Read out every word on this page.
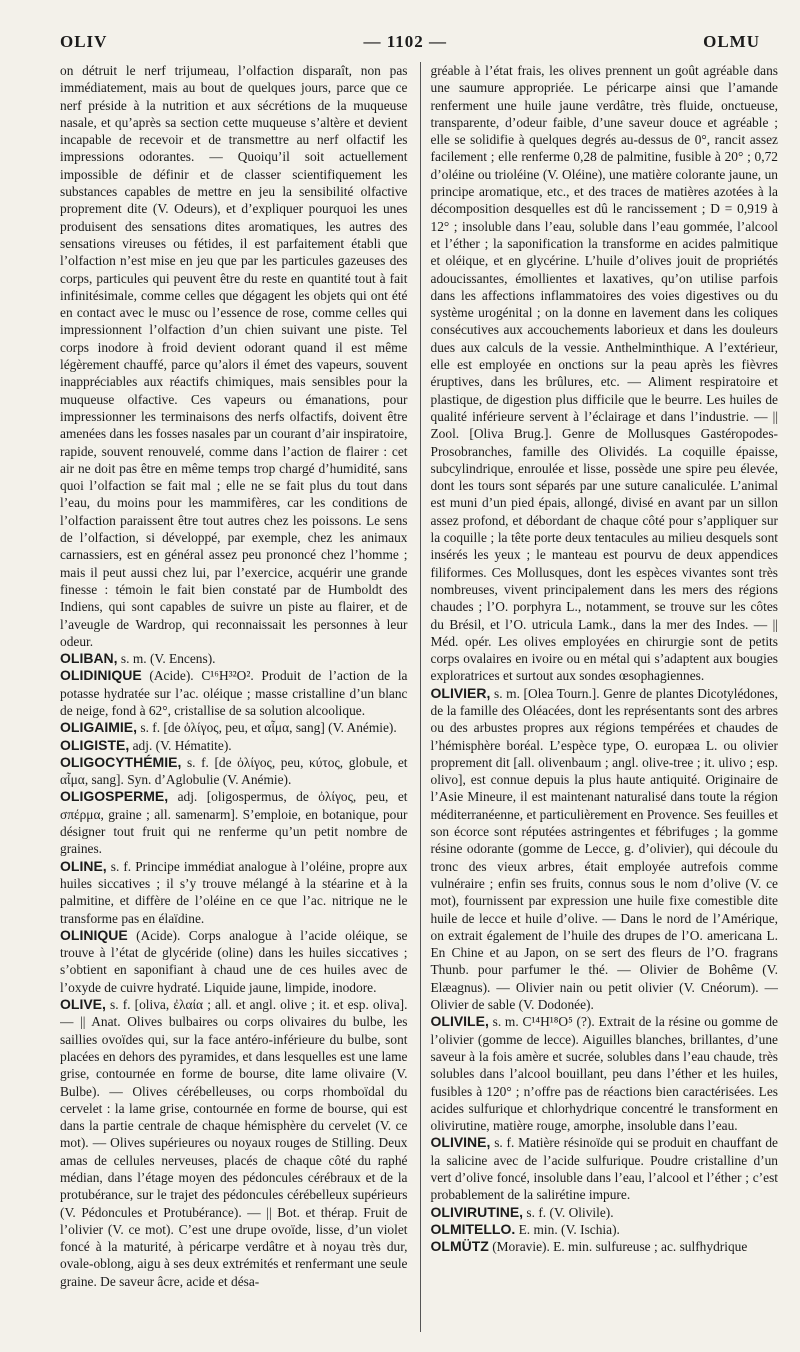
OLIV	— 1102 —	OLMU

on détruit le nerf trijumeau, l’olfaction disparaît, non pas immédiatement, mais au bout de quelques jours, parce que ce nerf préside à la nutrition et aux sécrétions de la muqueuse nasale, et qu’après sa section cette muqueuse s’altère et devient incapable de recevoir et de transmettre au nerf olfactif les impressions odorantes. — Quoiqu’il soit actuellement impossible de définir et de classer scientifiquement les substances capables de mettre en jeu la sensibilité olfactive proprement dite (V. Odeurs), et d’expliquer pourquoi les unes produisent des sensations dites aromatiques, les autres des sensations vireuses ou fétides, il est parfaitement établi que l’olfaction n’est mise en jeu que par les particules gazeuses des corps, particules qui peuvent être du reste en quantité tout à fait infinitésimale, comme celles que dégagent les objets qui ont été en contact avec le musc ou l’essence de rose, comme celles qui impressionnent l’olfaction d’un chien suivant une piste. Tel corps inodore à froid devient odorant quand il est même légèrement chauffé, parce qu’alors il émet des vapeurs, souvent inappréciables aux réactifs chimiques, mais sensibles pour la muqueuse olfactive. Ces vapeurs ou émanations, pour impressionner les terminaisons des nerfs olfactifs, doivent être amenées dans les fosses nasales par un courant d’air inspiratoire, rapide, souvent renouvelé, comme dans l’action de flairer : cet air ne doit pas être en même temps trop chargé d’humidité, sans quoi l’olfaction se fait mal ; elle ne se fait plus du tout dans l’eau, du moins pour les mammifères, car les conditions de l’olfaction paraissent être tout autres chez les poissons. Le sens de l’olfaction, si développé, par exemple, chez les animaux carnassiers, est en général assez peu prononcé chez l’homme ; mais il peut aussi chez lui, par l’exercice, acquérir une grande finesse : témoin le fait bien constaté par de Humboldt des Indiens, qui sont capables de suivre un piste au flairer, et de l’aveugle de Wardrop, qui reconnaissait les personnes à leur odeur.

OLIBAN, s. m. (V. Encens).

OLIDINIQUE (Acide). C¹⁶H³²O². Produit de l’action de la potasse hydratée sur l’ac. oléique ; masse cristalline d’un blanc de neige, fond à 62°, cristallise de sa solution alcoolique.

OLIGAIMIE, s. f. [de ὀλίγος, peu, et αἷμα, sang] (V. Anémie).

OLIGISTE, adj. (V. Hématite).

OLIGOCYTHÉMIE, s. f. [de ὀλίγος, peu, κύτος, globule, et αἷμα, sang]. Syn. d’Aglobulie (V. Anémie).

OLIGOSPERME, adj. [oligospermus, de ὀλίγος, peu, et σπέρμα, graine ; all. samenarm]. S’emploie, en botanique, pour désigner tout fruit qui ne renferme qu’un petit nombre de graines.

OLINE, s. f. Principe immédiat analogue à l’oléine, propre aux huiles siccatives ; il s’y trouve mélangé à la stéarine et à la palmitine, et diffère de l’oléine en ce que l’ac. nitrique ne le transforme pas en élaïdine.

OLINIQUE (Acide). Corps analogue à l’acide oléique, se trouve à l’état de glycéride (oline) dans les huiles siccatives ; s’obtient en saponifiant à chaud une de ces huiles avec de l’oxyde de cuivre hydraté. Liquide jaune, limpide, inodore.

OLIVE, s. f. [oliva, ἐλαία ; all. et angl. olive ; it. et esp. oliva]. — || Anat. Olives bulbaires ou corps olivaires du bulbe, les saillies ovoïdes qui, sur la face antéro-inférieure du bulbe, sont placées en dehors des pyramides, et dans lesquelles est une lame grise, contournée en forme de bourse, dite lame olivaire (V. Bulbe). — Olives cérébelleuses, ou corps rhomboïdal du cervelet : la lame grise, contournée en forme de bourse, qui est dans la partie centrale de chaque hémisphère du cervelet (V. ce mot). — Olives supérieures ou noyaux rouges de Stilling. Deux amas de cellules nerveuses, placés de chaque côté du raphé médian, dans l’étage moyen des pédoncules cérébraux et de la protubérance, sur le trajet des pédoncules cérébelleux supérieurs (V. Pédoncules et Protubérance). — || Bot. et thérap. Fruit de l’olivier (V. ce mot). C’est une drupe ovoïde, lisse, d’un violet foncé à la maturité, à péricarpe verdâtre et à noyau très dur, ovale-oblong, aigu à ses deux extrémités et renfermant une seule graine. De saveur âcre, acide et désa-

gréable à l’état frais, les olives prennent un goût agréable dans une saumure appropriée. Le péricarpe ainsi que l’amande renferment une huile jaune verdâtre, très fluide, onctueuse, transparente, d’odeur faible, d’une saveur douce et agréable ; elle se solidifie à quelques degrés au-dessus de 0°, rancit assez facilement ; elle renferme 0,28 de palmitine, fusible à 20° ; 0,72 d’oléine ou trioléine (V. Oléine), une matière colorante jaune, un principe aromatique, etc., et des traces de matières azotées à la décomposition desquelles est dû le rancissement ; D = 0,919 à 12° ; insoluble dans l’eau, soluble dans l’eau gommée, l’alcool et l’éther ; la saponification la transforme en acides palmitique et oléique, et en glycérine. L’huile d’olives jouit de propriétés adoucissantes, émollientes et laxatives, qu’on utilise parfois dans les affections inflammatoires des voies digestives ou du système urogénital ; on la donne en lavement dans les coliques consécutives aux accouchements laborieux et dans les douleurs dues aux calculs de la vessie. Anthelminthique. A l’extérieur, elle est employée en onctions sur la peau après les fièvres éruptives, dans les brûlures, etc. — Aliment respiratoire et plastique, de digestion plus difficile que le beurre. Les huiles de qualité inférieure servent à l’éclairage et dans l’industrie. — || Zool. [Oliva Brug.]. Genre de Mollusques Gastéropodes-Prosobranches, famille des Olividés. La coquille épaisse, subcylindrique, enroulée et lisse, possède une spire peu élevée, dont les tours sont séparés par une suture canaliculée. L’animal est muni d’un pied épais, allongé, divisé en avant par un sillon assez profond, et débordant de chaque côté pour s’appliquer sur la coquille ; la tête porte deux tentacules au milieu desquels sont insérés les yeux ; le manteau est pourvu de deux appendices filiformes. Ces Mollusques, dont les espèces vivantes sont très nombreuses, vivent principalement dans les mers des régions chaudes ; l’O. porphyra L., notamment, se trouve sur les côtes du Brésil, et l’O. utricula Lamk., dans la mer des Indes. — || Méd. opér. Les olives employées en chirurgie sont de petits corps ovalaires en ivoire ou en métal qui s’adaptent aux bougies exploratrices et surtout aux sondes œsophagiennes.

OLIVIER, s. m. [Olea Tourn.]. Genre de plantes Dicotylédones, de la famille des Oléacées, dont les représentants sont des arbres ou des arbustes propres aux régions tempérées et chaudes de l’hémisphère boréal. L’espèce type, O. europæa L. ou olivier proprement dit [all. olivenbaum ; angl. olive-tree ; it. ulivo ; esp. olivo], est connue depuis la plus haute antiquité. Originaire de l’Asie Mineure, il est maintenant naturalisé dans toute la région méditerranéenne, et particulièrement en Provence. Ses feuilles et son écorce sont réputées astringentes et fébrifuges ; la gomme résine odorante (gomme de Lecce, g. d’olivier), qui découle du tronc des vieux arbres, était employée autrefois comme vulnéraire ; enfin ses fruits, connus sous le nom d’olive (V. ce mot), fournissent par expression une huile fixe comestible dite huile de lecce et huile d’olive. — Dans le nord de l’Amérique, on extrait également de l’huile des drupes de l’O. americana L. En Chine et au Japon, on se sert des fleurs de l’O. fragrans Thunb. pour parfumer le thé. — Olivier de Bohême (V. Elæagnus). — Olivier nain ou petit olivier (V. Cnéorum). — Olivier de sable (V. Dodonée).

OLIVILE, s. m. C¹⁴H¹⁸O⁵ (?). Extrait de la résine ou gomme de l’olivier (gomme de lecce). Aiguilles blanches, brillantes, d’une saveur à la fois amère et sucrée, solubles dans l’eau chaude, très solubles dans l’alcool bouillant, peu dans l’éther et les huiles, fusibles à 120° ; n’offre pas de réactions bien caractérisées. Les acides sulfurique et chlorhydrique concentré le transforment en olivirutine, matière rouge, amorphe, insoluble dans l’eau.

OLIVINE, s. f. Matière résinoïde qui se produit en chauffant de la salicine avec de l’acide sulfurique. Poudre cristalline d’un vert d’olive foncé, insoluble dans l’eau, l’alcool et l’éther ; c’est probablement de la salirétine impure.

OLIVIRUTINE, s. f. (V. Olivile).

OLMITELLO. E. min. (V. Ischia).

OLMÜTZ (Moravie). E. min. sulfureuse ; ac. sulfhydrique
